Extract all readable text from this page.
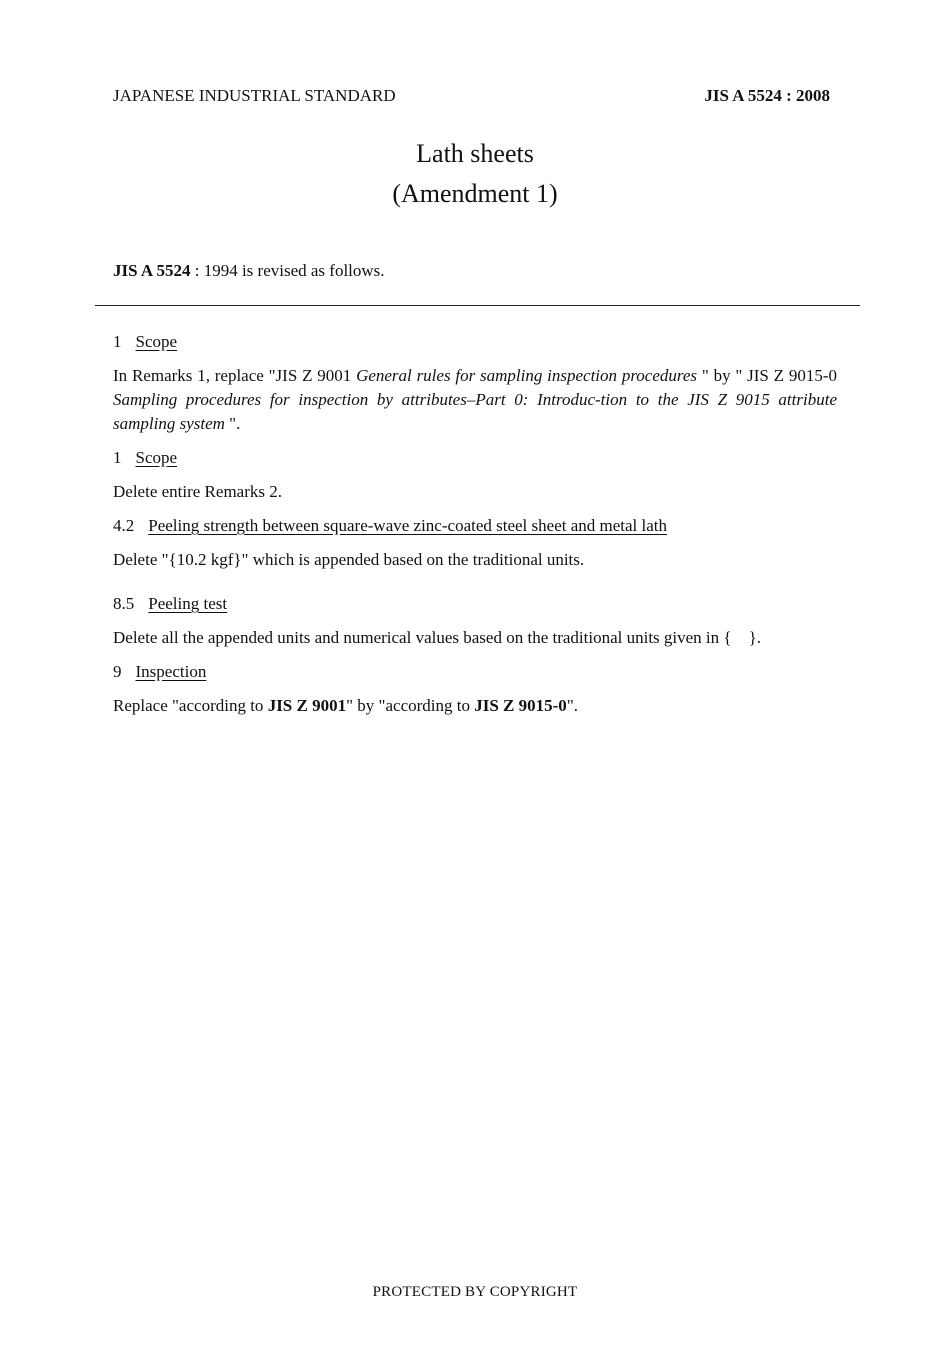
JAPANESE INDUSTRIAL STANDARD	JIS A 5524 : 2008
Lath sheets
(Amendment 1)
JIS A 5524 : 1994 is revised as follows.
1 Scope
In Remarks 1, replace "JIS Z 9001 General rules for sampling inspection procedures " by " JIS Z 9015-0 Sampling procedures for inspection by attributes–Part 0: Introduc-tion to the JIS Z 9015 attribute sampling system ".
1 Scope
Delete entire Remarks 2.
4.2 Peeling strength between square-wave zinc-coated steel sheet and metal lath
Delete "{10.2 kgf}" which is appended based on the traditional units.
8.5 Peeling test
Delete all the appended units and numerical values based on the traditional units given in {    }.
9 Inspection
Replace "according to JIS Z 9001" by "according to JIS Z 9015-0".
PROTECTED BY COPYRIGHT
